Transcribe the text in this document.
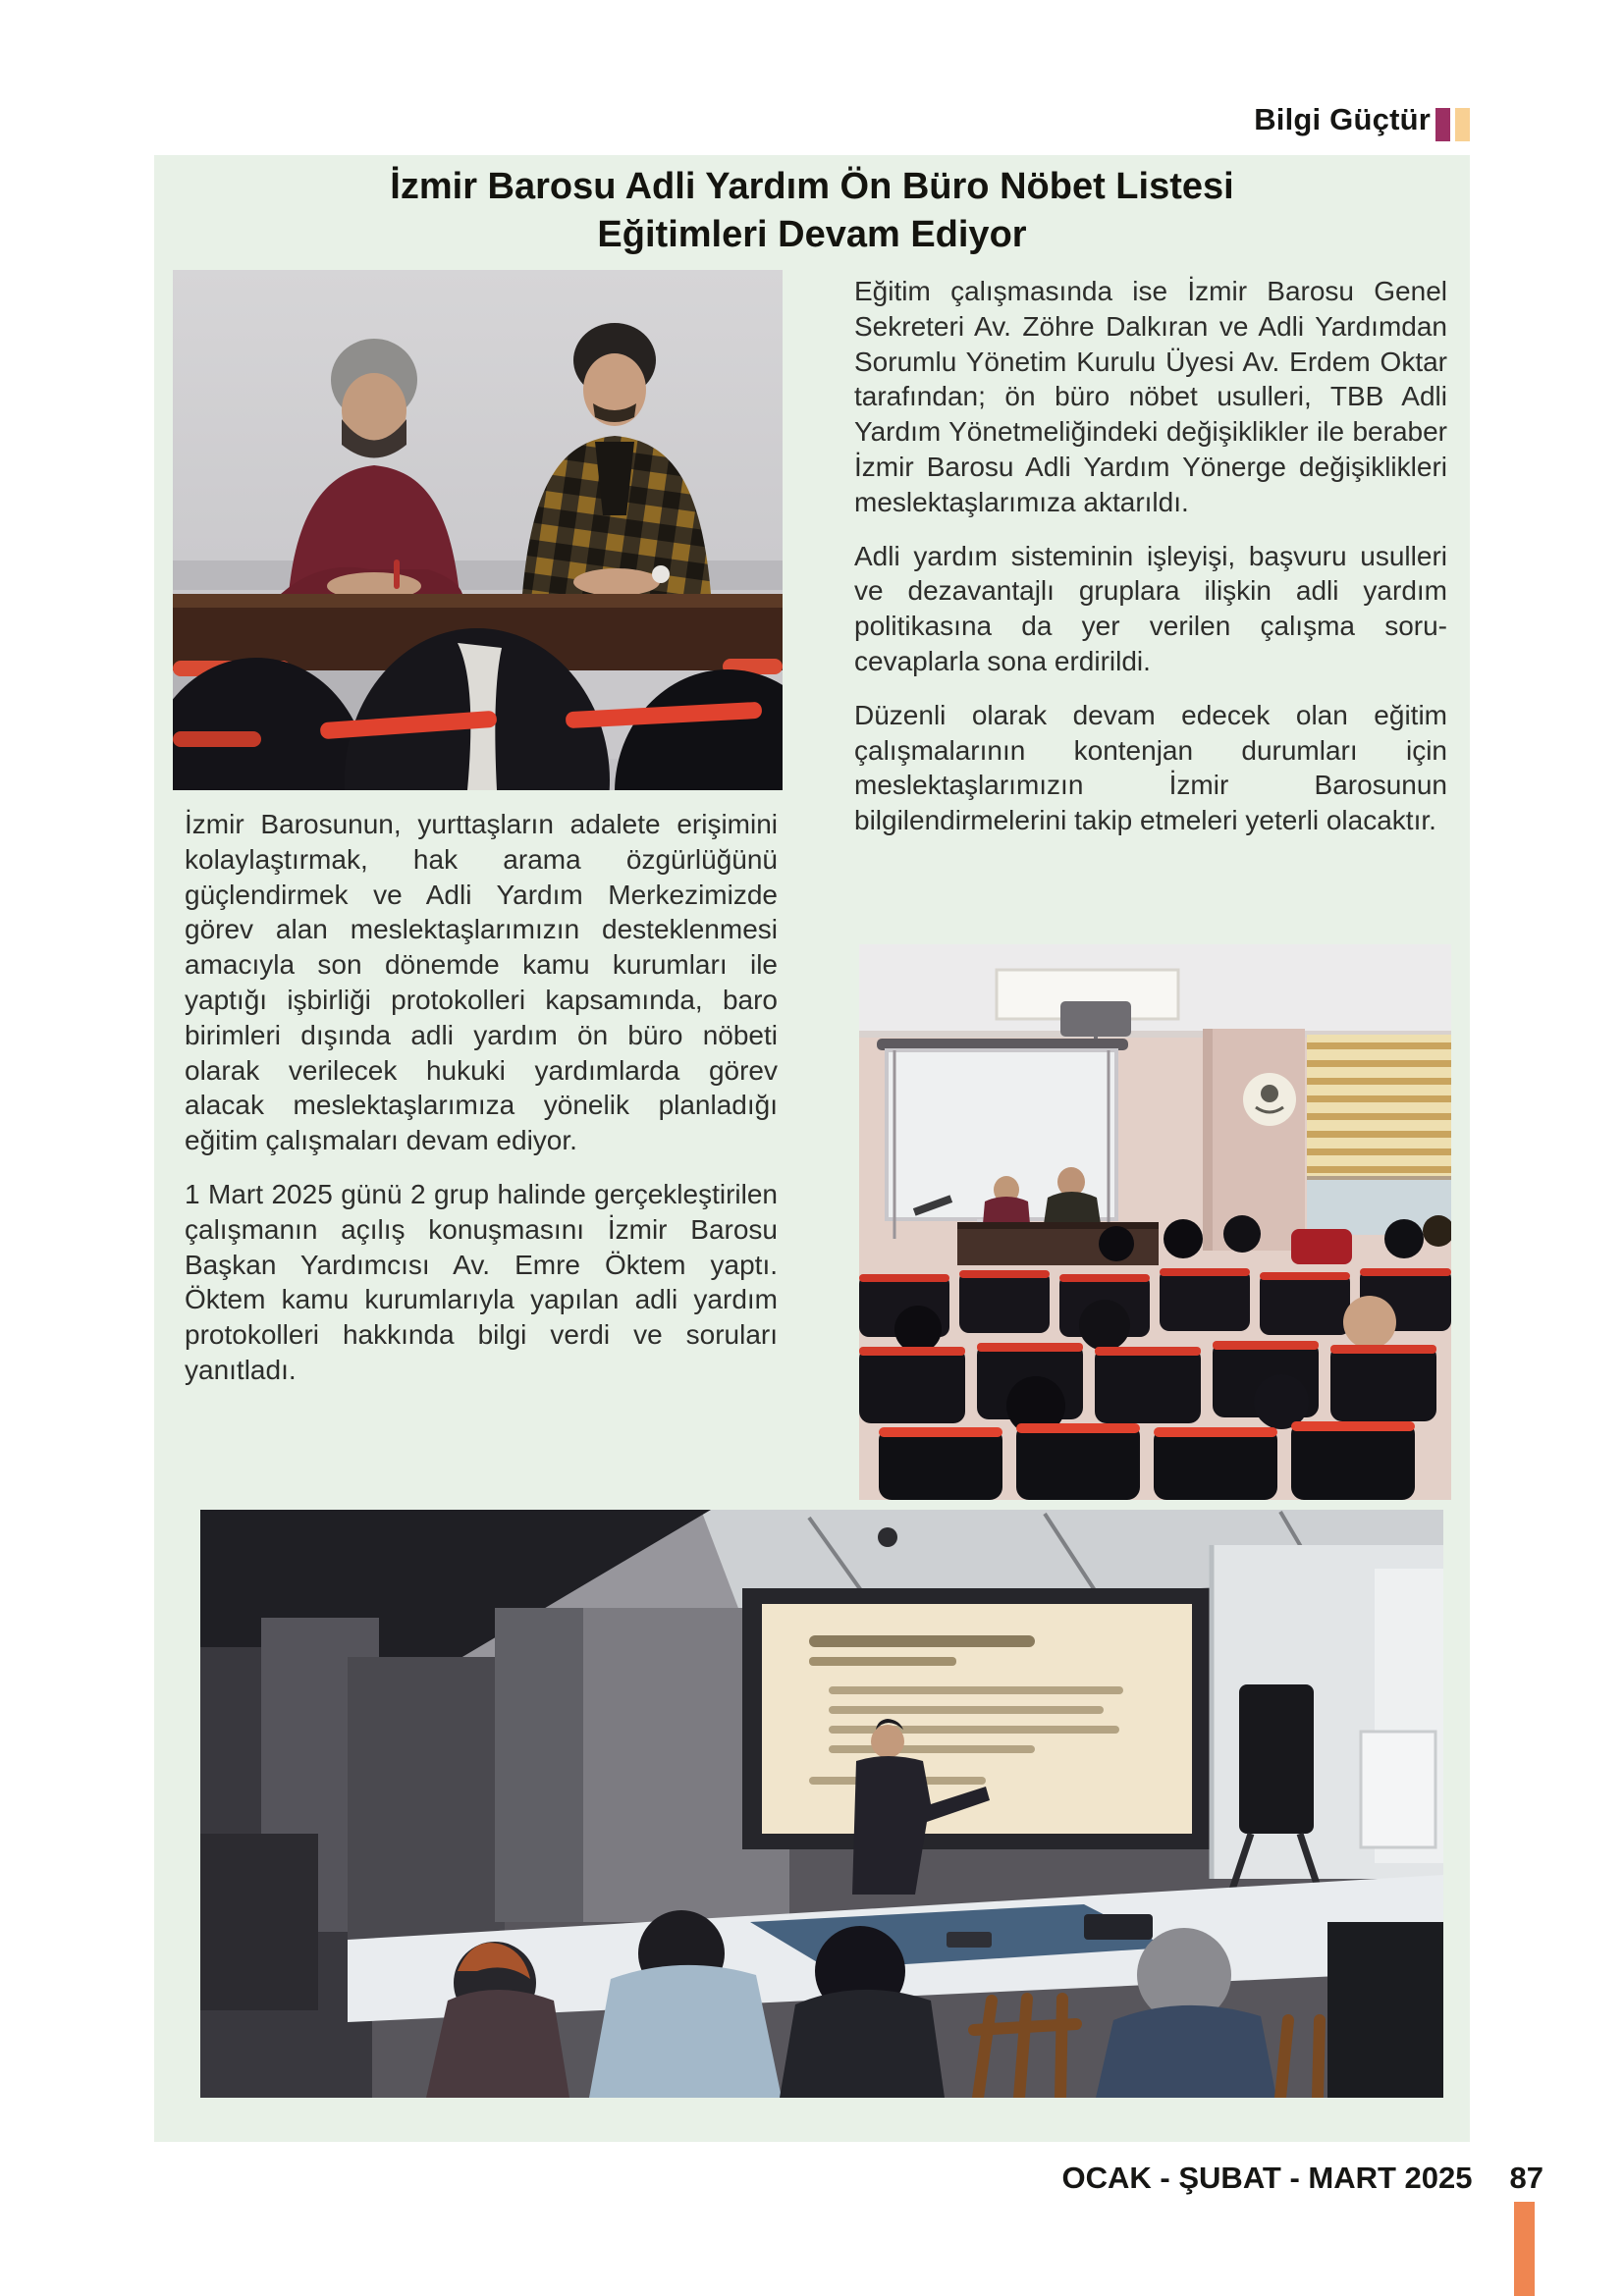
Bilgi Güçtür
İzmir Barosu Adli Yardım Ön Büro Nöbet Listesi
Eğitimleri Devam Ediyor

İzmir Barosunun, yurttaşların adalete erişimini kolaylaştırmak, hak arama özgürlüğünü güçlendirmek ve Adli Yardım Merkezimizde görev alan meslektaşlarımızın desteklenmesi amacıyla son dönemde kamu kurumları ile yaptığı işbirliği protokolleri kapsamında, baro birimleri dışında adli yardım ön büro nöbeti olarak verilecek hukuki yardımlarda görev alacak meslektaşlarımıza yönelik planladığı eğitim çalışmaları devam ediyor.

1 Mart 2025 günü 2 grup halinde gerçekleştirilen çalışmanın açılış konuşmasını İzmir Barosu Başkan Yardımcısı Av. Emre Öktem yaptı. Öktem kamu kurumlarıyla yapılan adli yardım protokolleri hakkında bilgi verdi ve soruları yanıtladı.

Eğitim çalışmasında ise İzmir Barosu Genel Sekreteri Av. Zöhre Dalkıran ve Adli Yardımdan Sorumlu Yönetim Kurulu Üyesi Av. Erdem Oktar tarafından; ön büro nöbet usulleri, TBB Adli Yardım Yönetmeliğindeki değişiklikler ile beraber İzmir Barosu Adli Yardım Yönerge değişiklikleri meslektaşlarımıza aktarıldı.

Adli yardım sisteminin işleyişi, başvuru usulleri ve dezavantajlı gruplara ilişkin adli yardım politikasına da yer verilen çalışma soru-cevaplarla sona erdirildi.

Düzenli olarak devam edecek olan eğitim çalışmalarının kontenjan durumları için meslektaşlarımızın İzmir Barosunun bilgilendirmelerini takip etmeleri yeterli olacaktır.

OCAK - ŞUBAT - MART 2025 87
